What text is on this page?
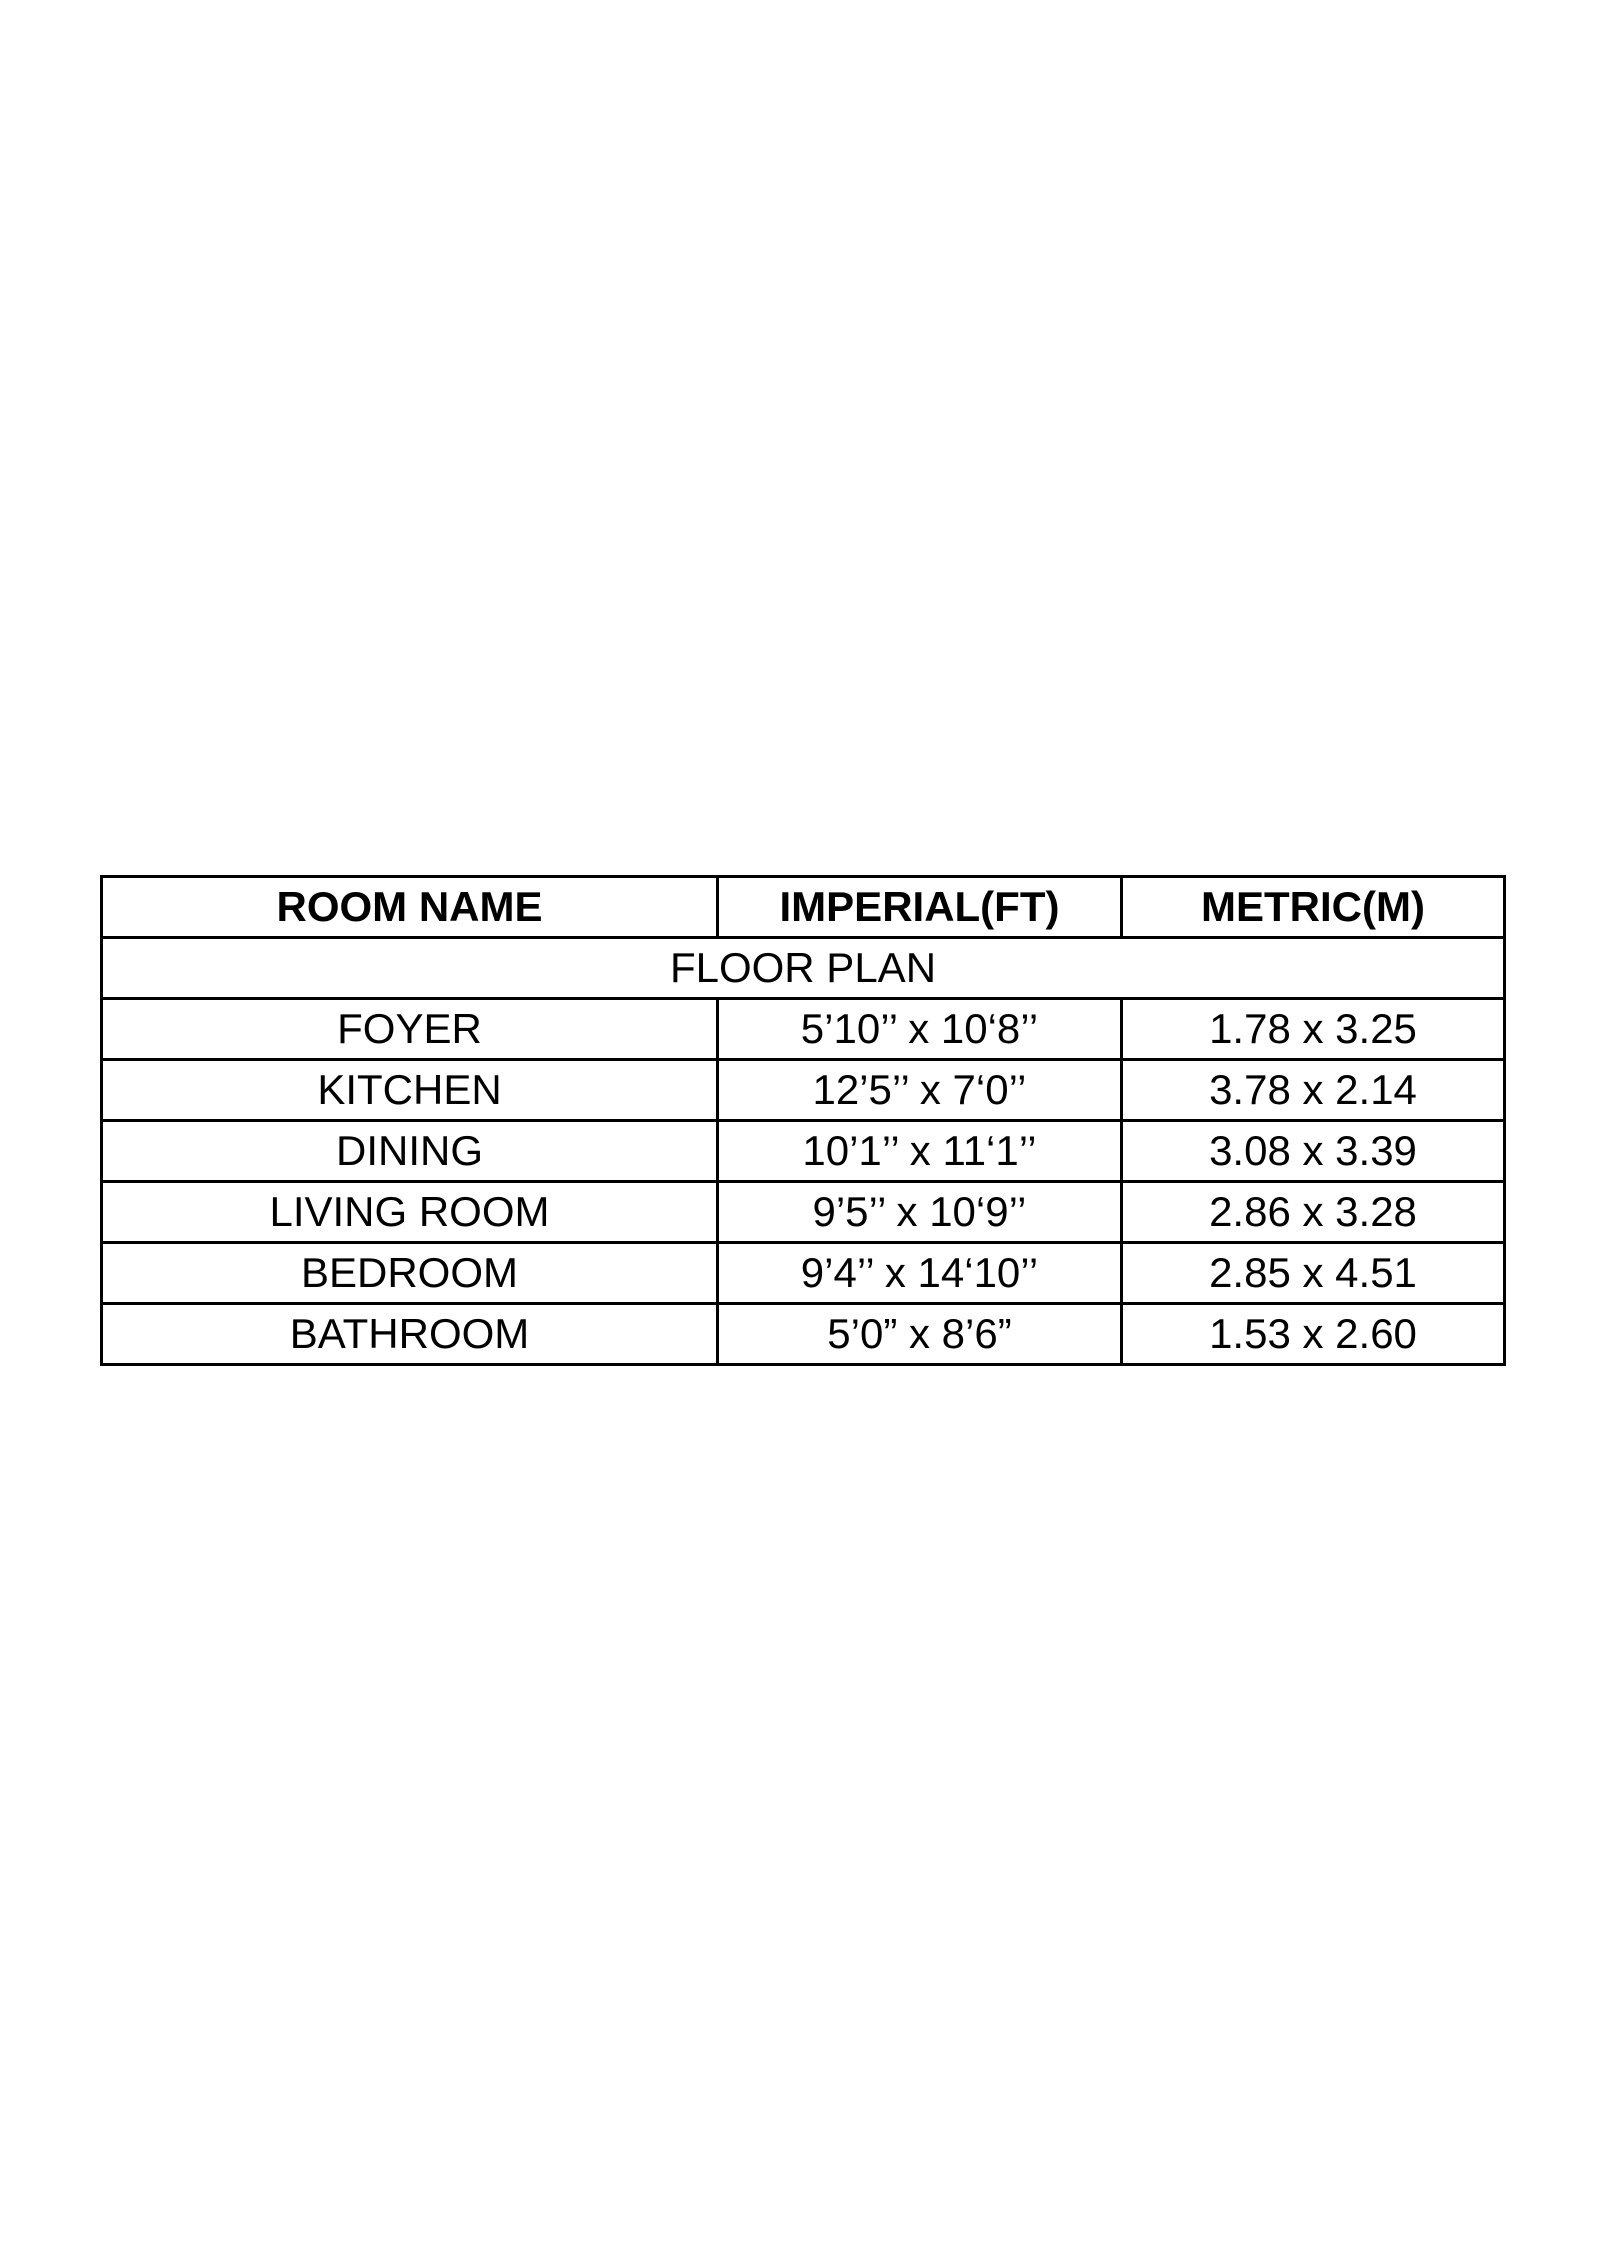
ROOM NAME	IMPERIAL(FT)	METRIC(M)
FLOOR PLAN		
FOYER	5’10’’ x 10‘8’’	1.78 x 3.25
KITCHEN	12’5’’ x 7‘0’’	3.78 x 2.14
DINING	10’1’’ x 11‘1’’	3.08 x 3.39
LIVING ROOM	9’5’’ x 10‘9’’	2.86 x 3.28
BEDROOM	9’4’’ x 14‘10’’	2.85 x 4.51
BATHROOM	5’0” x 8’6”	1.53 x 2.60
